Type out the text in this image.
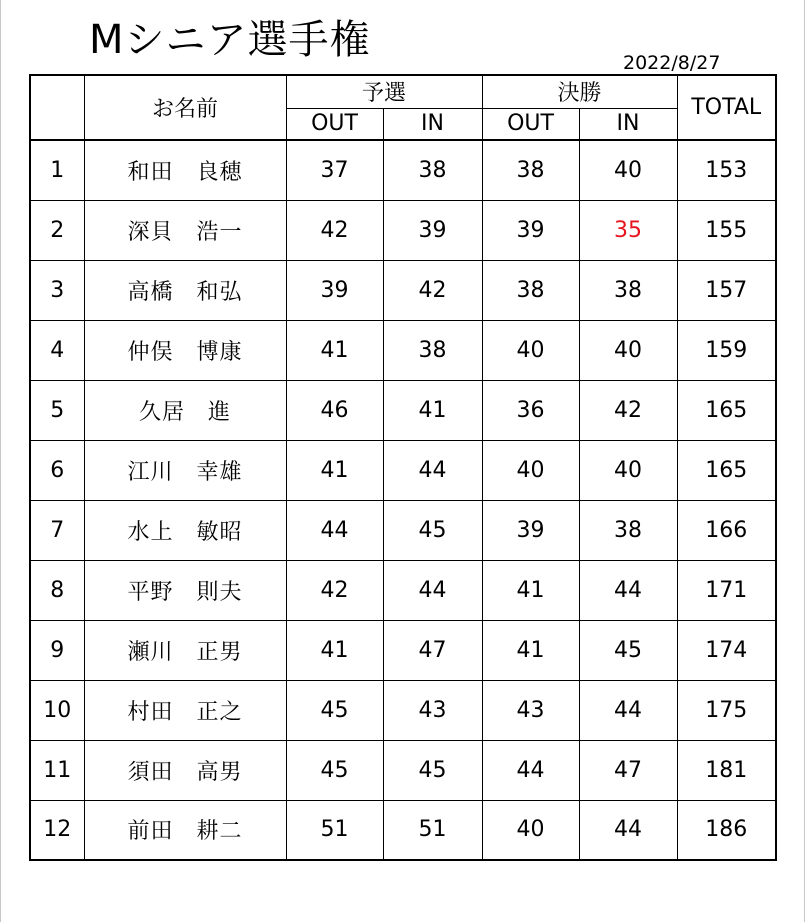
Mシニア選手権	2022/8/27
	お名前	予選		決勝		TOTAL
		OUT	IN	OUT	IN	
1	和田　良穂	37	38	38	40	153
2	深貝　浩一	42	39	39	35	155
3	高橋　和弘	39	42	38	38	157
4	仲俣　博康	41	38	40	40	159
5	久居　進	46	41	36	42	165
6	江川　幸雄	41	44	40	40	165
7	水上　敏昭	44	45	39	38	166
8	平野　則夫	42	44	41	44	171
9	瀬川　正男	41	47	41	45	174
10	村田　正之	45	43	43	44	175
11	須田　高男	45	45	44	47	181
12	前田　耕二	51	51	40	44	186
